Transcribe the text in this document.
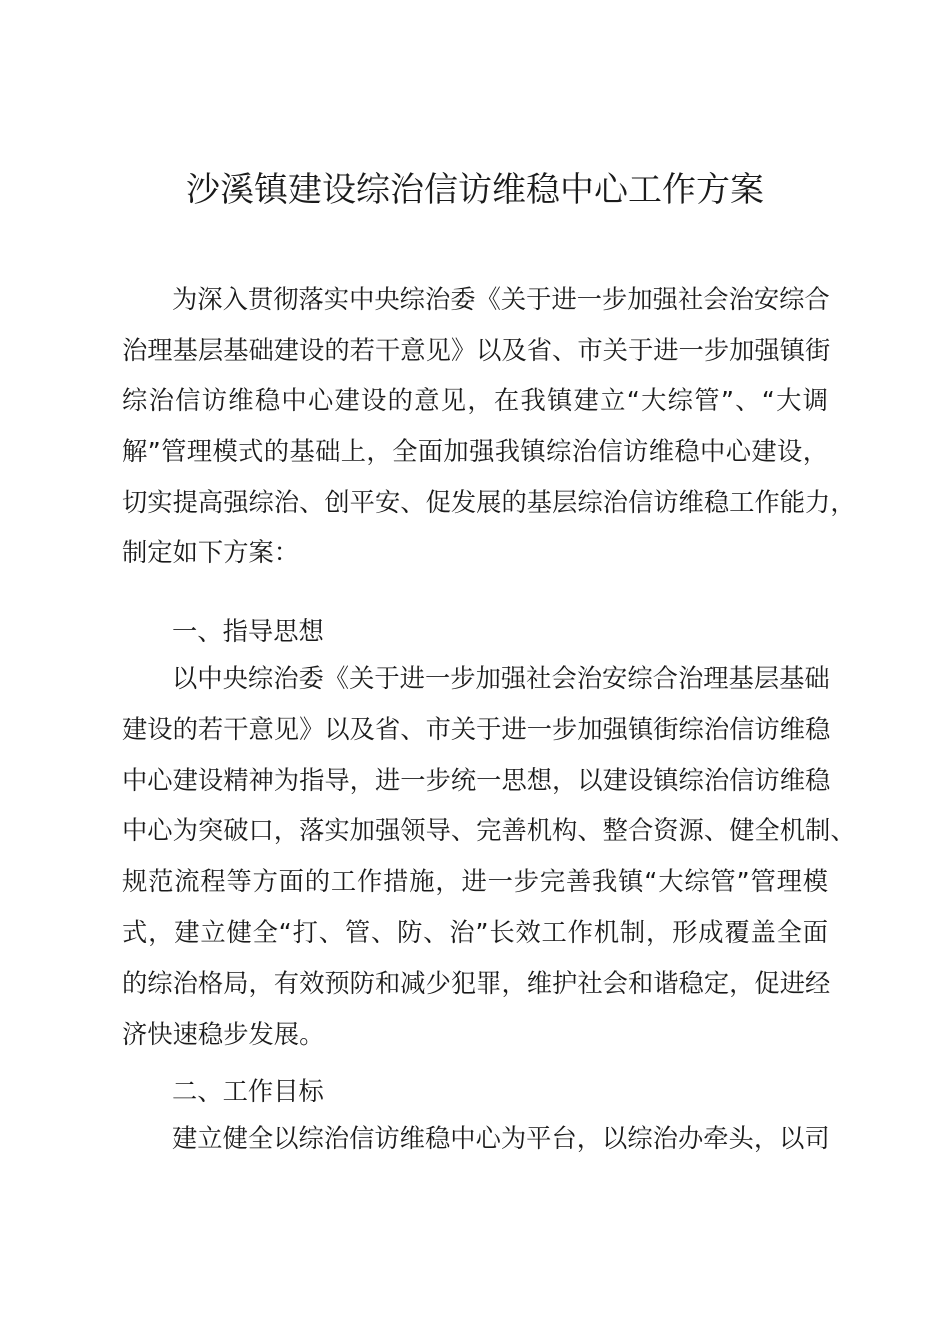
沙溪镇建设综治信访维稳中心工作方案
为深入贯彻落实中央综治委《关于进一步加强社会治安综合
治理基层基础建设的若干意见》以及省、市关于进一步加强镇街
综治信访维稳中心建设的意见，在我镇建立“大综管”、“大调
解”管理模式的基础上，全面加强我镇综治信访维稳中心建设，
切实提高强综治、创平安、促发展的基层综治信访维稳工作能力，
制定如下方案：
一、指导思想
以中央综治委《关于进一步加强社会治安综合治理基层基础
建设的若干意见》以及省、市关于进一步加强镇街综治信访维稳
中心建设精神为指导，进一步统一思想，以建设镇综治信访维稳
中心为突破口，落实加强领导、完善机构、整合资源、健全机制、
规范流程等方面的工作措施，进一步完善我镇“大综管”管理模
式，建立健全“打、管、防、治”长效工作机制，形成覆盖全面
的综治格局，有效预防和减少犯罪，维护社会和谐稳定，促进经
济快速稳步发展。
二、工作目标
建立健全以综治信访维稳中心为平台，以综治办牵头，以司
